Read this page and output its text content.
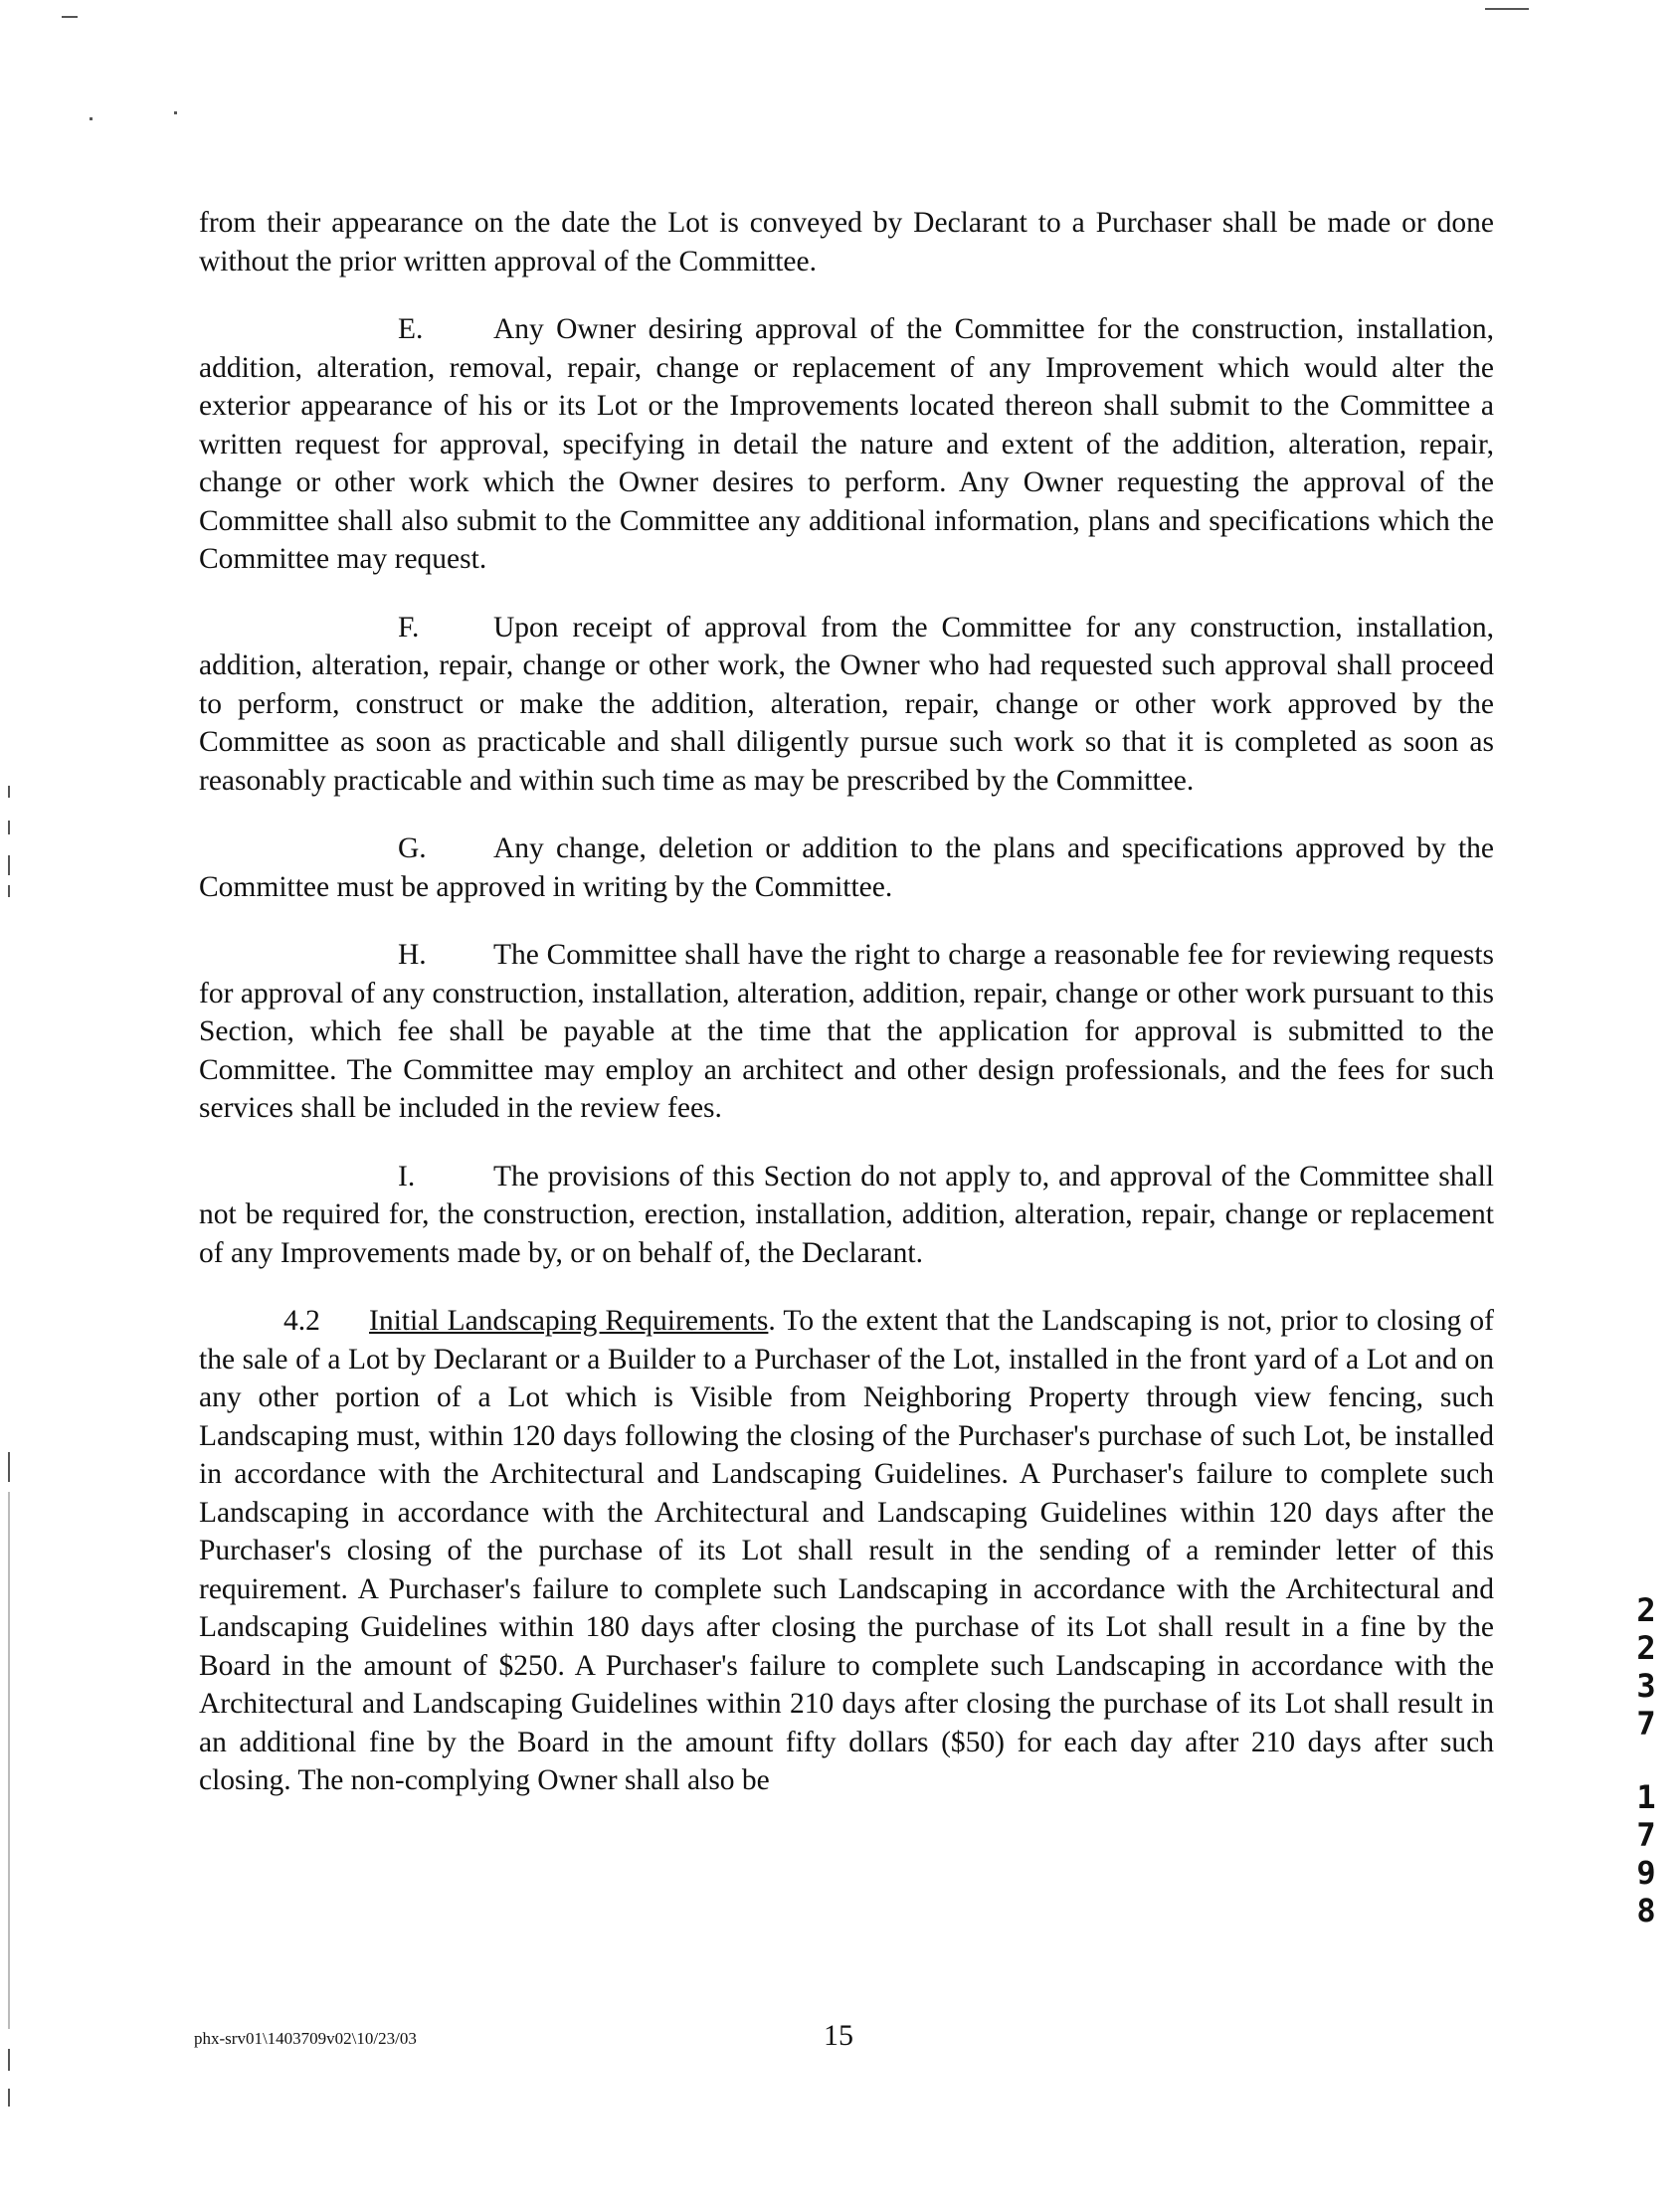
from their appearance on the date the Lot is conveyed by Declarant to a Purchaser shall be made or done without the prior written approval of the Committee.

E. Any Owner desiring approval of the Committee for the construction, installation, addition, alteration, removal, repair, change or replacement of any Improvement which would alter the exterior appearance of his or its Lot or the Improvements located thereon shall submit to the Committee a written request for approval, specifying in detail the nature and extent of the addition, alteration, repair, change or other work which the Owner desires to perform. Any Owner requesting the approval of the Committee shall also submit to the Committee any additional information, plans and specifications which the Committee may request.

F.	Upon receipt of approval from the Committee for any construction, installation, addition, alteration, repair, change or other work, the Owner who had requested such approval shall proceed to perform, construct or make the addition, alteration, repair, change or other work approved by the Committee as soon as practicable and shall diligently pursue such work so that it is completed as soon as reasonably practicable and within such time as may be prescribed by the Committee.

G. Any change, deletion or addition to the plans and specifications approved by the Committee must be approved in writing by the Committee.

H. The Committee shall have the right to charge a reasonable fee for reviewing requests for approval of any construction, installation, alteration, addition, repair, change or other work pursuant to this Section, which fee shall be payable at the time that the application for approval is submitted to the Committee. The Committee may employ an architect and other design professionals, and the fees for such services shall be included in the review fees.

I.	The provisions of this Section do not apply to, and approval of the Committee shall not be required for, the construction, erection, installation, addition, alteration, repair, change or replacement of any Improvements made by, or on behalf of, the Declarant.

4.2 Initial Landscaping Requirements. To the extent that the Landscaping is not, prior to closing of the sale of a Lot by Declarant or a Builder to a Purchaser of the Lot, installed in the front yard of a Lot and on any other portion of a Lot which is Visible from Neighboring Property through view fencing, such Landscaping must, within 120 days following the closing of the Purchaser's purchase of such Lot, be installed in accordance with the Architectural and Landscaping Guidelines. A Purchaser's failure to complete such Landscaping in accordance with the Architectural and Landscaping Guidelines within 120 days after the Purchaser's closing of the purchase of its Lot shall result in the sending of a reminder letter of this requirement. A Purchaser's failure to complete such Landscaping in accordance with the Architectural and Landscaping Guidelines within 180 days after closing the purchase of its Lot shall result in a fine by the Board in the amount of $250. A Purchaser's failure to complete such Landscaping in accordance with the Architectural and Landscaping Guidelines within 210 days after closing the purchase of its Lot shall result in an additional fine by the Board in the amount fifty dollars ($50) for each day after 210 days after such closing. The non-complying Owner shall also be

2
2
3
7
1
7
9
8
phx-srv01\1403709v02\10/23/03	15
